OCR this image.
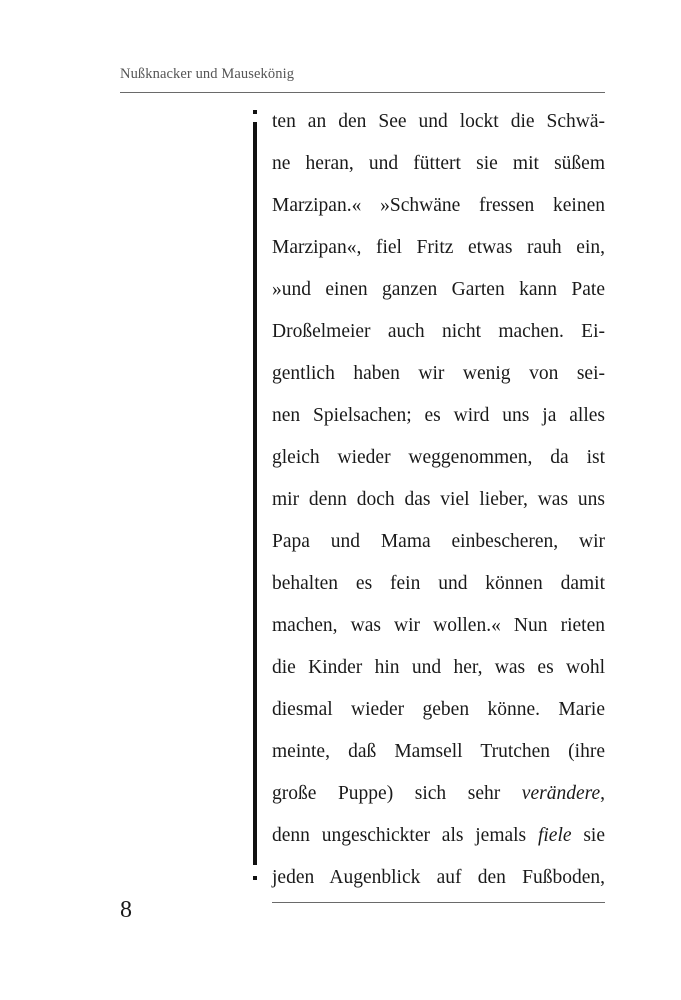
Nußknacker und Mausekönig
ten an den See und lockt die Schwä-
ne heran, und füttert sie mit süßem
Marzipan.« »Schwäne fressen keinen
Marzipan«, fiel Fritz etwas rauh ein,
»und einen ganzen Garten kann Pate
Droßelmeier auch nicht machen. Ei-
gentlich haben wir wenig von sei-
nen Spielsachen; es wird uns ja alles
gleich wieder weggenommen, da ist
mir denn doch das viel lieber, was uns
Papa und Mama einbescheren, wir
behalten es fein und können damit
machen, was wir wollen.« Nun rieten
die Kinder hin und her, was es wohl
diesmal wieder geben könne. Marie
meinte, daß Mamsell Trutchen (ihre
große Puppe) sich sehr verändere,
denn ungeschickter als jemals fiele sie
jeden Augenblick auf den Fußboden,
8
